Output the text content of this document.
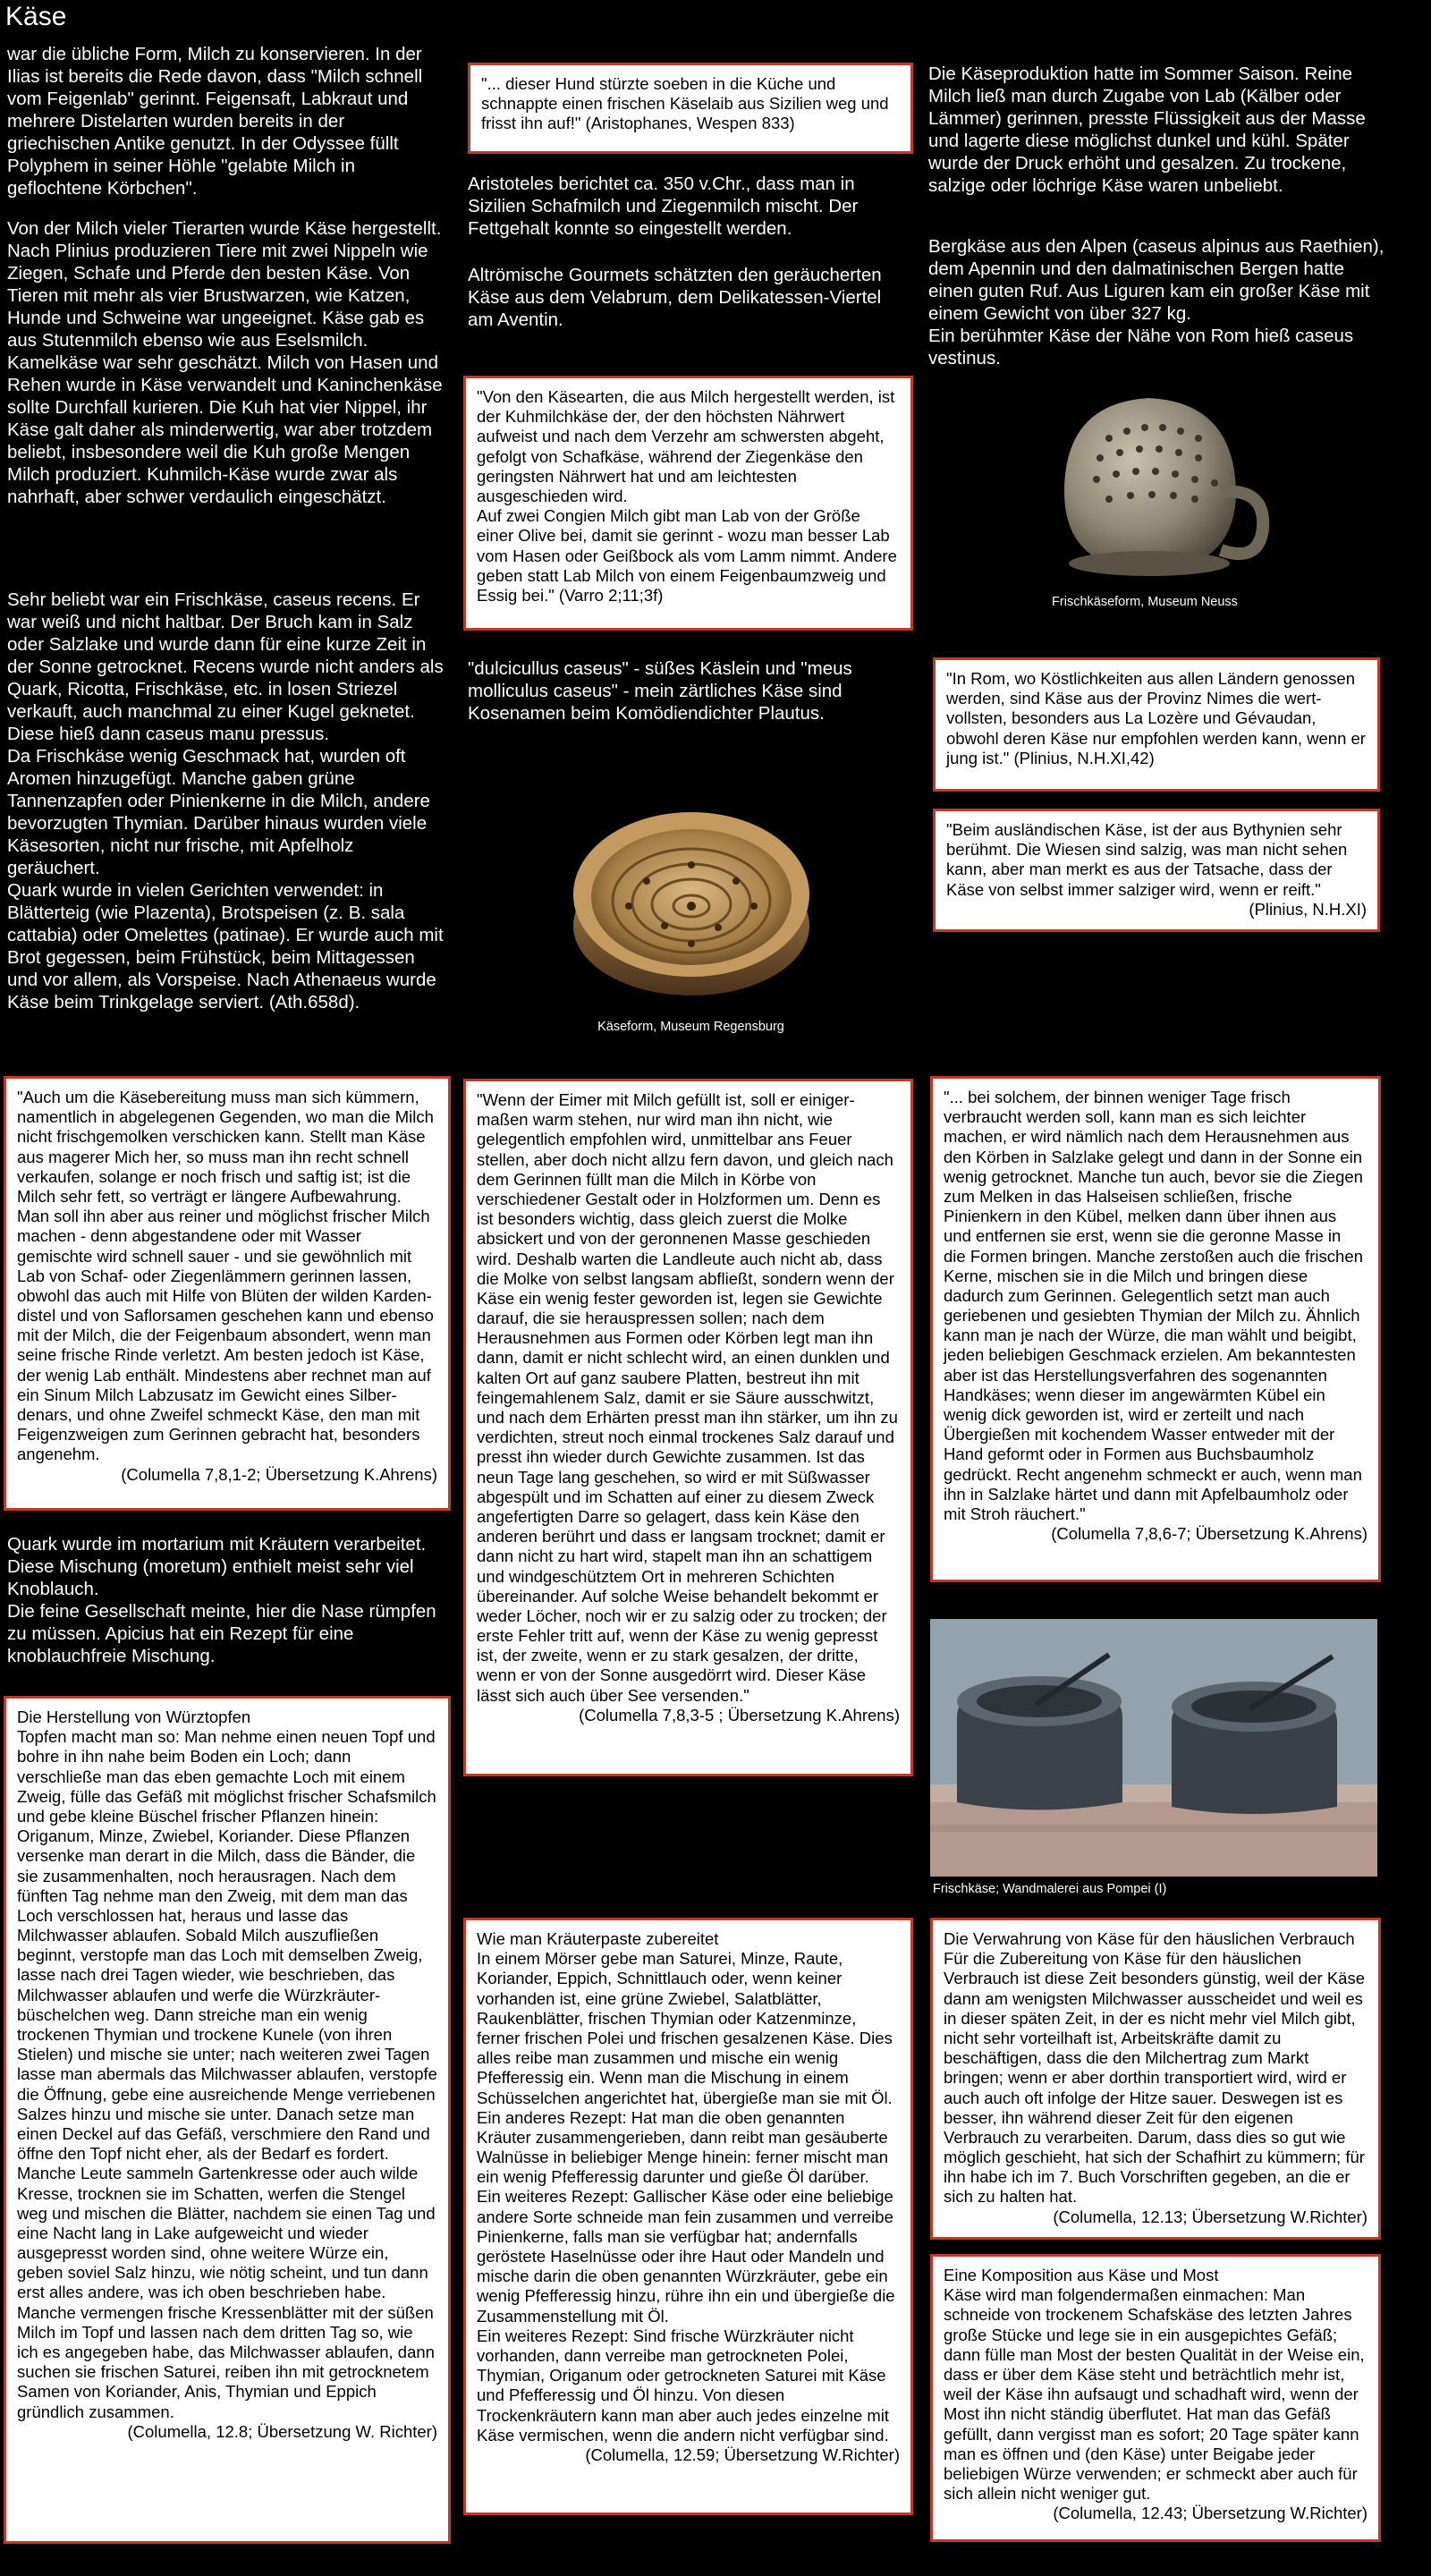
Käse
war die übliche Form, Milch zu konservieren. In der Ilias ist bereits die Rede davon, dass "Milch schnell vom Feigenlab" gerinnt. Feigensaft, Labkraut und mehrere Distelarten wurden bereits in der griechischen Antike genutzt. In der Odyssee füllt Polyphem in seiner Höhle "gelabte Milch in geflochtene Körbchen".
Von der Milch vieler Tierarten wurde Käse hergestellt. Nach Plinius produzieren Tiere mit zwei Nippeln wie Ziegen, Schafe und Pferde den besten Käse. Von Tieren mit mehr als vier Brustwarzen, wie Katzen, Hunde und Schweine war ungeeignet. Käse gab es aus Stutenmilch ebenso wie aus Eselsmilch. Kamelkäse war sehr geschätzt. Milch von Hasen und Rehen wurde in Käse verwandelt und Kaninchenkäse sollte Durchfall kurieren. Die Kuh hat vier Nippel, ihr Käse galt daher als minderwertig, war aber trotzdem beliebt, insbesondere weil die Kuh große Mengen Milch produziert. Kuhmilch-Käse wurde zwar als nahrhaft, aber schwer verdaulich eingeschätzt.
Sehr beliebt war ein Frischkäse, caseus recens. Er war weiß und nicht haltbar. Der Bruch kam in Salz oder Salzlake und wurde dann für eine kurze Zeit in der Sonne getrocknet. Recens wurde nicht anders als Quark, Ricotta, Frischkäse, etc. in losen Striezel verkauft, auch manchmal zu einer Kugel geknetet. Diese hieß dann caseus manu pressus.
Da Frischkäse wenig Geschmack hat, wurden oft Aromen hinzugefügt. Manche gaben grüne Tannenzapfen oder Pinienkerne in die Milch, andere bevorzugten Thymian. Darüber hinaus wurden viele Käsesorten, nicht nur frische, mit Apfelholz geräuchert.
Quark wurde in vielen Gerichten verwendet: in Blätterteig (wie Plazenta), Brotspeisen (z. B. sala cattabia) oder Omelettes (patinae). Er wurde auch mit Brot gegessen, beim Frühstück, beim Mittagessen und vor allem, als Vorspeise. Nach Athenaeus wurde Käse beim Trinkgelage serviert. (Ath.658d).

"Auch um die Käsebereitung muss man sich kümmern, namentlich in abgelegenen Gegenden, wo man die Milch nicht frischgemolken verschicken kann. Stellt man Käse aus magerer Mich her, so muss man ihn recht schnell verkaufen, solange er noch frisch und saftig ist; ist die Milch sehr fett, so verträgt er längere Aufbewahrung. Man soll ihn aber aus reiner und möglichst frischer Milch machen - denn abgestandene oder mit Wasser gemischte wird schnell sauer - und sie gewöhnlich mit Lab von Schaf- oder Ziegenlämmern gerinnen lassen, obwohl das auch mit Hilfe von Blüten der wilden Karden-distel und von Saflorsamen geschehen kann und ebenso mit der Milch, die der Feigenbaum absondert, wenn man seine frische Rinde verletzt. Am besten jedoch ist Käse, der wenig Lab enthält. Mindestens aber rechnet man auf ein Sinum Milch Labzusatz im Gewicht eines Silber-denars, und ohne Zweifel schmeckt Käse, den man mit Feigenzweigen zum Gerinnen gebracht hat, besonders angenehm.

(Columella 7,8,1-2; Übersetzung K.Ahrens)

Quark wurde im mortarium mit Kräutern verarbeitet. Diese Mischung (moretum) enthielt meist sehr viel Knoblauch.
Die feine Gesellschaft meinte, hier die Nase rümpfen zu müssen. Apicius hat ein Rezept für eine knoblauchfreie Mischung.

Die Herstellung von Würztopfen
Topfen macht man so: Man nehme einen neuen Topf und bohre in ihn nahe beim Boden ein Loch; dann verschließe man das eben gemachte Loch mit einem Zweig, fülle das Gefäß mit möglichst frischer Schafsmilch und gebe kleine Büschel frischer Pflanzen hinein: Origanum, Minze, Zwiebel, Koriander. Diese Pflanzen versenke man derart in die Milch, dass die Bänder, die sie zusammenhalten, noch herausragen. Nach dem fünften Tag nehme man den Zweig, mit dem man das Loch verschlossen hat, heraus und lasse das Milchwasser ablaufen. Sobald Milch auszufließen beginnt, verstopfe man das Loch mit demselben Zweig, lasse nach drei Tagen wieder, wie beschrieben, das Milchwasser ablaufen und werfe die Würzkräuter-büschelchen weg. Dann streiche man ein wenig trockenen Thymian und trockene Kunele (von ihren Stielen) und mische sie unter; nach weiteren zwei Tagen lasse man abermals das Milchwasser ablaufen, verstopfe die Öffnung, gebe eine ausreichende Menge verriebenen Salzes hinzu und mische sie unter. Danach setze man einen Deckel auf das Gefäß, verschmiere den Rand und öffne den Topf nicht eher, als der Bedarf es fordert.
Manche Leute sammeln Gartenkresse oder auch wilde Kresse, trocknen sie im Schatten, werfen die Stengel weg und mischen die Blätter, nachdem sie einen Tag und eine Nacht lang in Lake aufgeweicht und wieder ausgepresst worden sind, ohne weitere Würze ein, geben soviel Salz hinzu, wie nötig scheint, und tun dann erst alles andere, was ich oben beschrieben habe. Manche vermengen frische Kressenblätter mit der süßen Milch im Topf und lassen nach dem dritten Tag so, wie ich es angegeben habe, das Milchwasser ablaufen, dann suchen sie frischen Saturei, reiben ihn mit getrocknetem Samen von Koriander, Anis, Thymian und Eppich gründlich zusammen.

(Columella, 12.8; Übersetzung W. Richter)

"... dieser Hund stürzte soeben in die Küche und schnappte einen frischen Käselaib aus Sizilien weg und frisst ihn auf!" (Aristophanes, Wespen 833)

Aristoteles berichtet ca. 350 v.Chr., dass man in Sizilien Schafmilch und Ziegenmilch mischt. Der Fettgehalt konnte so eingestellt werden.
Altrömische Gourmets schätzten den geräucherten Käse aus dem Velabrum, dem Delikatessen-Viertel am Aventin.

"Von den Käsearten, die aus Milch hergestellt werden, ist der Kuhmilchkäse der, der den höchsten Nährwert aufweist und nach dem Verzehr am schwersten abgeht, gefolgt von Schafkäse, während der Ziegenkäse den geringsten Nährwert hat und am leichtesten ausgeschieden wird.
Auf zwei Congien Milch gibt man Lab von der Größe einer Olive bei, damit sie gerinnt - wozu man besser Lab vom Hasen oder Geißbock als vom Lamm nimmt. Andere geben statt Lab Milch von einem Feigenbaumzweig und Essig bei." (Varro 2;11;3f)

"dulcicullus caseus" - süßes Käslein und "meus molliculus caseus" - mein zärtliches Käse sind Kosenamen beim Komödiendichter Plautus.
Käseform, Museum Regensburg

"Wenn der Eimer mit Milch gefüllt ist, soll er einiger-maßen warm stehen, nur wird man ihn nicht, wie gelegentlich empfohlen wird, unmittelbar ans Feuer stellen, aber doch nicht allzu fern davon, und gleich nach dem Gerinnen füllt man die Milch in Körbe von verschiedener Gestalt oder in Holzformen um. Denn es ist besonders wichtig, dass gleich zuerst die Molke absickert und von der geronnenen Masse geschieden wird. Deshalb warten die Landleute auch nicht ab, dass die Molke von selbst langsam abfließt, sondern wenn der Käse ein wenig fester geworden ist, legen sie Gewichte darauf, die sie herauspressen sollen; nach dem Herausnehmen aus Formen oder Körben legt man ihn dann, damit er nicht schlecht wird, an einen dunklen und kalten Ort auf ganz saubere Platten, bestreut ihn mit feingemahlenem Salz, damit er sie Säure ausschwitzt, und nach dem Erhärten presst man ihn stärker, um ihn zu verdichten, streut noch einmal trockenes Salz darauf und presst ihn wieder durch Gewichte zusammen. Ist das neun Tage lang geschehen, so wird er mit Süßwasser abgespült und im Schatten auf einer zu diesem Zweck angefertigten Darre so gelagert, dass kein Käse den anderen berührt und dass er langsam trocknet; damit er dann nicht zu hart wird, stapelt man ihn an schattigem und windgeschütztem Ort in mehreren Schichten übereinander. Auf solche Weise behandelt bekommt er weder Löcher, noch wir er zu salzig oder zu trocken; der erste Fehler tritt auf, wenn der Käse zu wenig gepresst ist, der zweite, wenn er zu stark gesalzen, der dritte, wenn er von der Sonne ausgedörrt wird. Dieser Käse lässt sich auch über See versenden."

(Columella 7,8,3-5 ; Übersetzung K.Ahrens)

Wie man Kräuterpaste zubereitet
In einem Mörser gebe man Saturei, Minze, Raute, Koriander, Eppich, Schnittlauch oder, wenn keiner vorhanden ist, eine grüne Zwiebel, Salatblätter, Raukenblätter, frischen Thymian oder Katzenminze, ferner frischen Polei und frischen gesalzenen Käse. Dies alles reibe man zusammen und mische ein wenig Pfefferessig ein. Wenn man die Mischung in einem Schüsselchen angerichtet hat, übergieße man sie mit Öl.
Ein anderes Rezept: Hat man die oben genannten Kräuter zusammengerieben, dann reibt man gesäuberte Walnüsse in beliebiger Menge hinein: ferner mischt man ein wenig Pfefferessig darunter und gieße Öl darüber.
Ein weiteres Rezept: Gallischer Käse oder eine beliebige andere Sorte schneide man fein zusammen und verreibe Pinienkerne, falls man sie verfügbar hat; andernfalls geröstete Haselnüsse oder ihre Haut oder Mandeln und mische darin die oben genannten Würzkräuter, gebe ein wenig Pfefferessig hinzu, rühre ihn ein und übergieße die Zusammenstellung mit Öl.
Ein weiteres Rezept: Sind frische Würzkräuter nicht vorhanden, dann verreibe man getrockneten Polei, Thymian, Origanum oder getrockneten Saturei mit Käse und Pfefferessig und Öl hinzu. Von diesen Trockenkräutern kann man aber auch jedes einzelne mit Käse vermischen, wenn die andern nicht verfügbar sind.

(Columella, 12.59; Übersetzung W.Richter)

Die Käseproduktion hatte im Sommer Saison. Reine Milch ließ man durch Zugabe von Lab (Kälber oder Lämmer) gerinnen, presste Flüssigkeit aus der Masse und lagerte diese möglichst dunkel und kühl. Später wurde der Druck erhöht und gesalzen. Zu trockene, salzige oder löchrige Käse waren unbeliebt.
Bergkäse aus den Alpen (caseus alpinus aus Raethien), dem Apennin und den dalmatinischen Bergen hatte einen guten Ruf. Aus Liguren kam ein großer Käse mit einem Gewicht von über 327 kg.
Ein berühmter Käse der Nähe von Rom hieß caseus vestinus.
Frischkäseform, Museum Neuss

"In Rom, wo Köstlichkeiten aus allen Ländern genossen werden, sind Käse aus der Provinz Nimes die wert-vollsten, besonders aus La Lozère und Gévaudan, obwohl deren Käse nur empfohlen werden kann, wenn er jung ist." (Plinius, N.H.XI,42)

"Beim ausländischen Käse, ist der aus Bythynien sehr berühmt. Die Wiesen sind salzig, was man nicht sehen kann, aber man merkt es aus der Tatsache, dass der Käse von selbst immer salziger wird, wenn er reift."

(Plinius, N.H.XI)

"... bei solchem, der binnen weniger Tage frisch verbraucht werden soll, kann man es sich leichter machen, er wird nämlich nach dem Herausnehmen aus den Körben in Salzlake gelegt und dann in der Sonne ein wenig getrocknet. Manche tun auch, bevor sie die Ziegen zum Melken in das Halseisen schließen, frische Pinienkern in den Kübel, melken dann über ihnen aus und entfernen sie erst, wenn sie die geronne Masse in die Formen bringen. Manche zerstoßen auch die frischen Kerne, mischen sie in die Milch und bringen diese dadurch zum Gerinnen. Gelegentlich setzt man auch geriebenen und gesiebten Thymian der Milch zu. Ähnlich kann man je nach der Würze, die man wählt und beigibt, jeden beliebigen Geschmack erzielen. Am bekanntesten aber ist das Herstellungsverfahren des sogenannten Handkäses; wenn dieser im angewärmten Kübel ein wenig dick geworden ist, wird er zerteilt und nach Übergießen mit kochendem Wasser entweder mit der Hand geformt oder in Formen aus Buchsbaumholz gedrückt. Recht angenehm schmeckt er auch, wenn man ihn in Salzlake härtet und dann mit Apfelbaumholz oder mit Stroh räuchert."

(Columella 7,8,6-7; Übersetzung K.Ahrens)

Frischkäse; Wandmalerei aus Pompei (I)

Die Verwahrung von Käse für den häuslichen Verbrauch
Für die Zubereitung von Käse für den häuslichen Verbrauch ist diese Zeit besonders günstig, weil der Käse dann am wenigsten Milchwasser ausscheidet und weil es in dieser späten Zeit, in der es nicht mehr viel Milch gibt, nicht sehr vorteilhaft ist, Arbeitskräfte damit zu beschäftigen, dass die den Milchertrag zum Markt bringen; wenn er aber dorthin transportiert wird, wird er auch auch oft infolge der Hitze sauer. Deswegen ist es besser, ihn während dieser Zeit für den eigenen Verbrauch zu verarbeiten. Darum, dass dies so gut wie möglich geschieht, hat sich der Schafhirt zu kümmern; für ihn habe ich im 7. Buch Vorschriften gegeben, an die er sich zu halten hat.

(Columella, 12.13; Übersetzung W.Richter)

Eine Komposition aus Käse und Most
Käse wird man folgendermaßen einmachen: Man schneide von trockenem Schafskäse des letzten Jahres große Stücke und lege sie in ein ausgepichtes Gefäß; dann fülle man Most der besten Qualität in der Weise ein, dass er über dem Käse steht und beträchtlich mehr ist, weil der Käse ihn aufsaugt und schadhaft wird, wenn der Most ihn nicht ständig überflutet. Hat man das Gefäß gefüllt, dann vergisst man es sofort; 20 Tage später kann man es öffnen und (den Käse) unter Beigabe jeder beliebigen Würze verwenden; er schmeckt aber auch für sich allein nicht weniger gut.

(Columella, 12.43; Übersetzung W.Richter)
